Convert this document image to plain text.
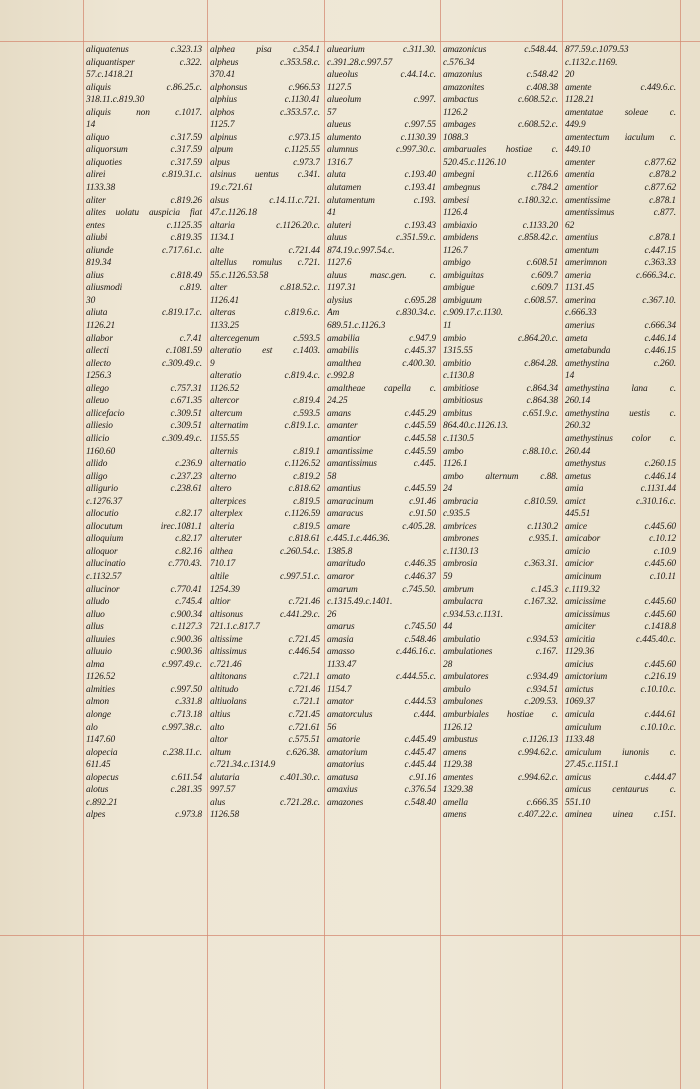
aliquatenus c.323.13
aliquantisper c.322.
57.c.1418.21
aliquis c.86.25.c.
318.11.c.819.30
aliquis non c.1017.
14
aliquo c.317.59
aliquorsum c.317.59
aliquoties c.317.59
alirei c.819.31.c.
1133.38
aliter c.819.26
alites uolatu auspicia fiat
entes c.1125.35
aliubi c.819.35
aliunde c.717.61.c.
819.34
alius c.818.49
aliusmodi c.819.
30
aliuta c.819.17.c.
1126.21
allabor c.7.41
allecti c.1081.59
allecto c.309.49.c.
1256.3
allego c.757.31
alleuo c.671.35
allicefacio c.309.51
alliesio c.309.51
allicio c.309.49.c.
1160.60
allido c.236.9
alligo c.237.23
alligurio c.238.61
c.1276.37
allocutio c.82.17
allocutum irec.1081.1
alloquium c.82.17
alloquor c.82.16
allucinatio c.770.43.
c.1132.57
allucinor c.770.41
alludo c.745.4
alluo c.900.34
allus c.1127.3
alluuies c.900.36
alluuio c.900.36
alma c.997.49.c.
1126.52
almities c.997.50
almon c.331.8
alonge c.713.18
alo c.997.38.c.
1147.60
alopecia c.238.11.c.
611.45
alopecus c.611.54
alotus c.281.35
c.892.21
alpes c.973.8
alphea pisa c.354.1
alpheus c.353.58.c.
370.41
alphonsus c.966.53
alphius c.1130.41
alphos c.353.57.c.
1125.7
alpinus c.973.15
alpum c.1125.55
alpus c.973.7
alsinus uentus c.341.
19.c.721.61
alsus c.14.11.c.721.
47.c.1126.18
altaria c.1126.20.c.
1134.1
alte c.721.44
altellus romulus c.721.
55.c.1126.53.58
alter c.818.52.c.
1126.41
alteras c.819.6.c.
1133.25
altercegenum c.593.5
alteratio est c.1403.
9
alteratio c.819.4.c.
1126.52
altercor c.819.4
altercum c.593.5
alternatim c.819.1.c.
1155.55
alternis c.819.1
alternatio c.1126.52
alterno c.819.2
altero c.818.62
alterpices c.819.5
alterplex c.1126.59
alteria c.819.5
alteruter c.818.61
althea c.260.54.c.
710.17
altile c.997.51.c.
1254.39
altior c.721.46
altisonus c.441.29.c.
721.1.c.817.7
altissime c.721.45
altissimus c.446.54
c.721.46
altitonans c.721.1
altitudo c.721.46
altiuolans c.721.1
altius c.721.45
alto c.721.61
altor c.575.51
altum c.626.38.
c.721.34.c.1314.9
alutaria c.401.30.c.
997.57
alus c.721.28.c.
1126.58
aluearium c.311.30.
c.391.28.c.997.57
alueolus c.44.14.c.
1127.5
alueolum c.997.
57
alueus c.997.55
alumento c.1130.39
alumnus c.997.30.c.
1316.7
aluta c.193.40
alutamen c.193.41
alutamentum c.193.
41
aluteri c.193.43
aluus c.351.59.c.
874.19.c.997.54.c.
1127.6
aluus masc.gen. c.
1197.31
alysius c.695.28
Am c.830.34.c.
689.51.c.1126.3
amabilia c.947.9
amabilis c.445.37
amalthea c.400.30.
c.992.8
amaltheae capella c.
24.25
amans c.445.29
amanter c.445.59
amantior c.445.58
amantissime c.445.59
amantissimus c.445.
58
amantius c.445.59
amaracinum c.91.46
amaracus c.91.50
amare c.405.28.
c.445.1.c.446.36.
1385.8
amaritudo c.446.35
amaror c.446.37
amarum c.745.50.
c.1315.49.c.1401.
26
amarus c.745.50
amasia c.548.46
amasso c.446.16.c.
1133.47
amato c.444.55.c.
1154.7
amator c.444.53
amatorculus c.444.
56
amatorie c.445.49
amatorium c.445.47
amatorius c.445.44
amatusa c.91.16
amaxius c.376.54
amazones c.548.40
amazonicus c.548.44.
c.576.34
amazonius c.548.42
amazonites c.408.38
ambactus c.608.52.c.
1126.2
ambages c.608.52.c.
1088.3
ambaruales hostiae c.
520.45.c.1126.10
ambegni c.1126.6
ambegnus c.784.2
ambesi c.180.32.c.
1126.4
ambiaxio c.1133.20
ambidens c.858.42.c.
1126.7
ambigo c.608.51
ambiguitas c.609.7
ambigue c.609.7
ambiguum c.608.57.
c.909.17.c.1130.
11
ambio c.864.20.c.
1315.55
ambitio c.864.28.
c.1130.8
ambitiose c.864.34
ambitiosus c.864.38
ambitus c.651.9.c.
864.40.c.1126.13.
c.1130.5
ambo c.88.10.c.
1126.1
ambo alternum c.88.
24
ambracia c.810.59.
c.935.5
ambrices c.1130.2
ambrones c.935.1.
c.1130.13
ambrosia c.363.31.
59
ambrum c.145.3
ambulacra c.167.32.
c.934.53.c.1131.
44
ambulatio c.934.53
ambulationes c.167.
28
ambulatores c.934.49
ambulo c.934.51
ambulones c.209.53.
amburbiales hostiae c.
1126.12
ambustus c.1126.13
amens c.994.62.c.
1129.38
amentes c.994.62.c.
1329.38
amella c.666.35
amens c.407.22.c.
877.59.c.1079.53
c.1132.c.1169.
20
amente c.449.6.c.
1128.21
amentatae soleae c.
449.9
amentectum iaculum c.
449.10
amenter c.877.62
amentia c.878.2
amentior c.877.62
amentissime c.878.1
amentissimus c.877.
62
amentius c.878.1
amentum c.447.15
amerimnon c.363.33
ameria c.666.34.c.
1131.45
amerina c.367.10.
c.666.33
amerius c.666.34
ameta c.446.14
ametabunda c.446.15
amethystina c.260.
14
amethystina lana c.
260.14
amethystina uestis c.
260.32
amethystinus color c.
260.44
amethystus c.260.15
ametus c.446.14
amia c.1131.44
amict c.310.16.c.
445.51
amice c.445.60
amicabor c.10.12
amicio c.10.9
amicior c.445.60
amicinum c.10.11
c.1119.32
amicissime c.445.60
amicissimus c.445.60
amiciter c.1418.8
amicitia c.445.40.c.
1129.36
amicius c.445.60
amictorium c.216.19
amictus c.10.10.c.
1069.37
amicula c.444.61
amiculum c.10.10.c.
1133.48
amiculum iunonis c.
27.45.c.1151.1
amicus c.444.47
amicus centaurus c.
551.10
aminea uinea c.151.
